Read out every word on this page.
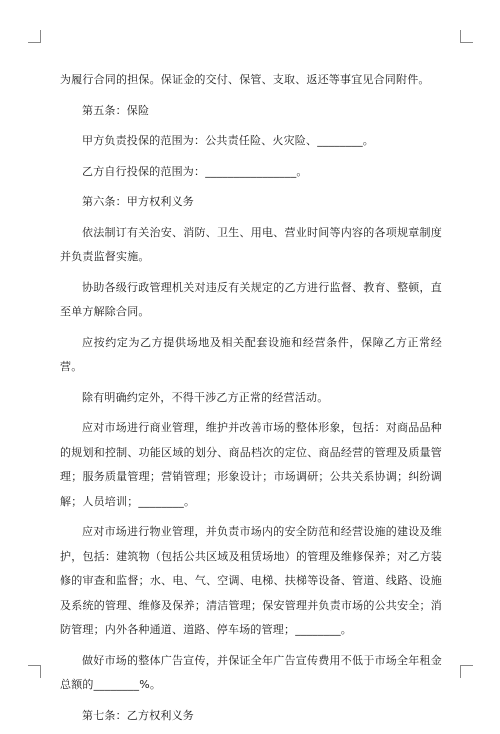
为履行合同的担保。保证金的交付、保管、支取、返还等事宜见合同附件。

第五条：保险

甲方负责投保的范围为：公共责任险、火灾险、________。

乙方自行投保的范围为：________________。

第六条：甲方权利义务

依法制订有关治安、消防、卫生、用电、营业时间等内容的各项规章制度并负责监督实施。

协助各级行政管理机关对违反有关规定的乙方进行监督、教育、整顿，直至单方解除合同。

应按约定为乙方提供场地及相关配套设施和经营条件，保障乙方正常经营。

除有明确约定外，不得干涉乙方正常的经营活动。

应对市场进行商业管理，维护并改善市场的整体形象，包括：对商品品种的规划和控制、功能区域的划分、商品档次的定位、商品经营的管理及质量管理；服务质量管理；营销管理；形象设计；市场调研；公共关系协调；纠纷调解；人员培训；________。

应对市场进行物业管理，并负责市场内的安全防范和经营设施的建设及维护，包括：建筑物（包括公共区域及租赁场地）的管理及维修保养；对乙方装修的审查和监督；水、电、气、空调、电梯、扶梯等设备、管道、线路、设施及系统的管理、维修及保养；清洁管理；保安管理并负责市场的公共安全；消防管理；内外各种通道、道路、停车场的管理；________。

做好市场的整体广告宣传，并保证全年广告宣传费用不低于市场全年租金总额的________%。

第七条：乙方权利义务
